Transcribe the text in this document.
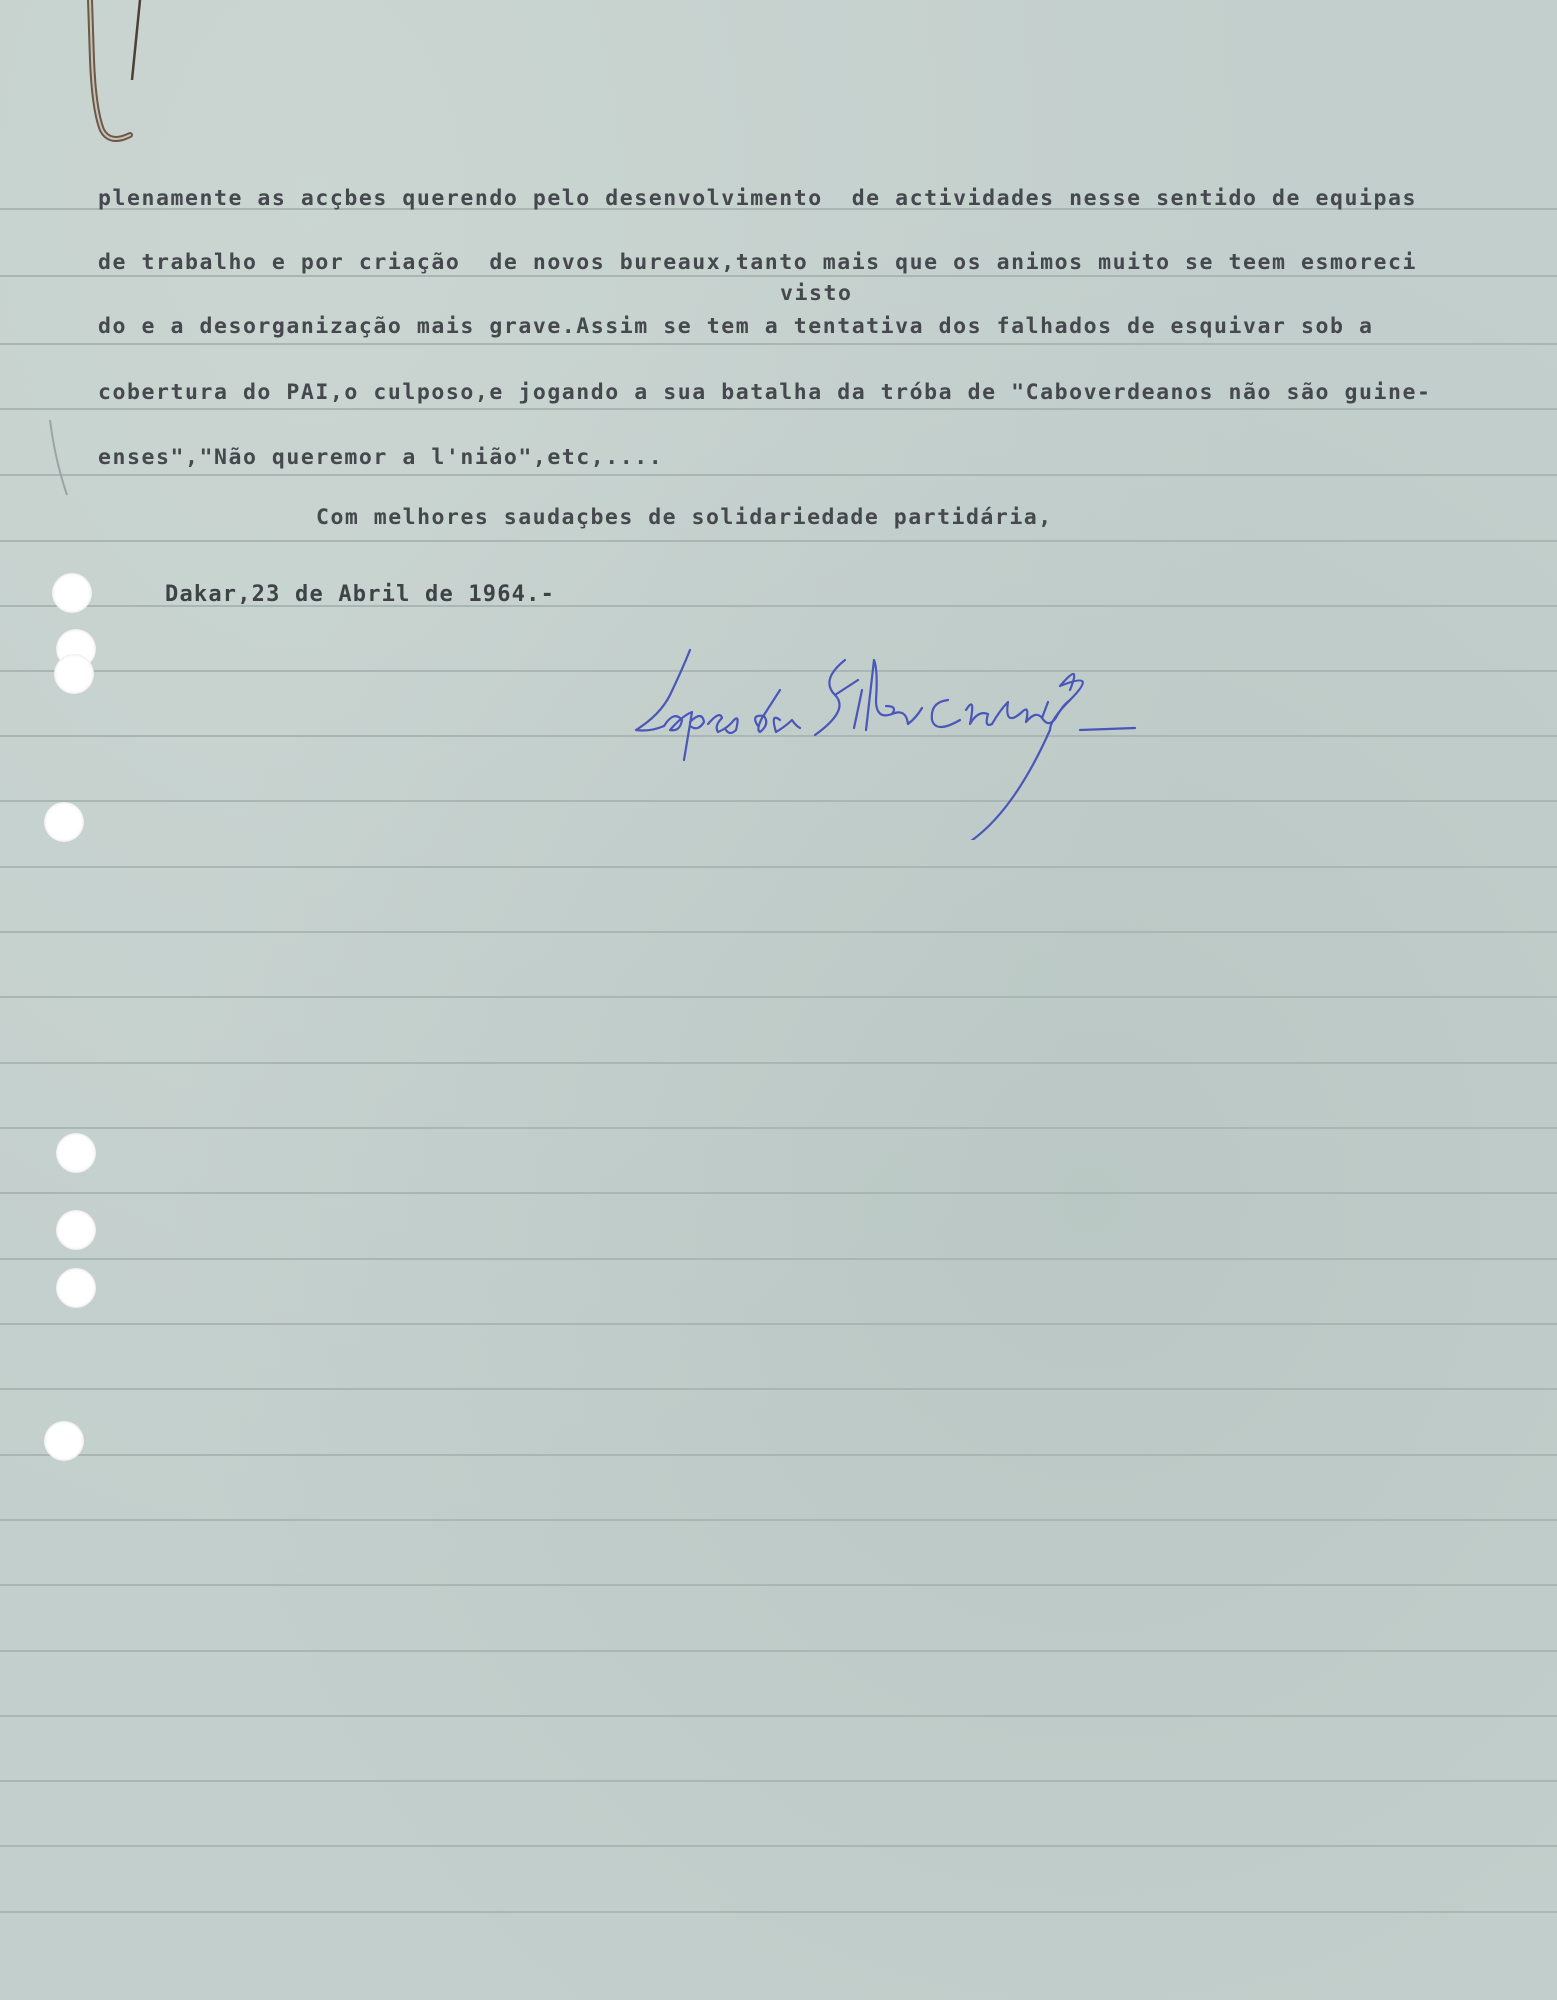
plenamente as acçbes querendo pelo desenvolvimento  de actividades nesse sentido de equipas

de trabalho e por criação  de novos bureaux,tanto mais que os animos muito se teem esmoreci

visto

do e a desorganização mais grave.Assim se tem a tentativa dos falhados de esquivar sob a

cobertura do PAI,o culposo,e jogando a sua batalha da tróba de "Caboverdeanos não são guine-

enses","Não queremor a l'nião",etc,....

Com melhores saudaçbes de solidariedade partidária,
Dakar,23 de Abril de 1964.-
